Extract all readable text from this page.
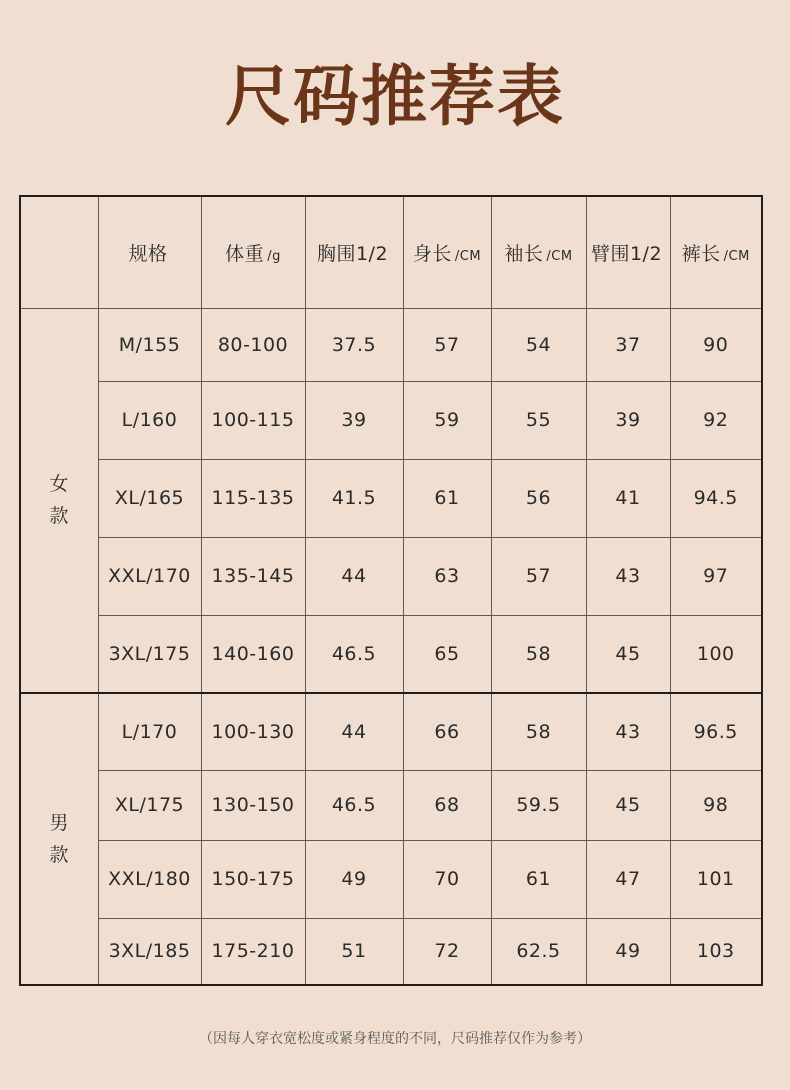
尺码推荐表
	规格	体重 /g	胸围1/2	身长 /CM	袖长 /CM	臂围1/2	裤长 /CM

女
款	M/155	80-100	37.5	57	54	37	90
	L/160	100-115	39	59	55	39	92
	XL/165	115-135	41.5	61	56	41	94.5
	XXL/170	135-145	44	63	57	43	97
	3XL/175	140-160	46.5	65	58	45	100

男
款	L/170	100-130	44	66	58	43	96.5
	XL/175	130-150	46.5	68	59.5	45	98
	XXL/180	150-175	49	70	61	47	101
	3XL/185	175-210	51	72	62.5	49	103
（因每人穿衣宽松度或紧身程度的不同，尺码推荐仅作为参考）
